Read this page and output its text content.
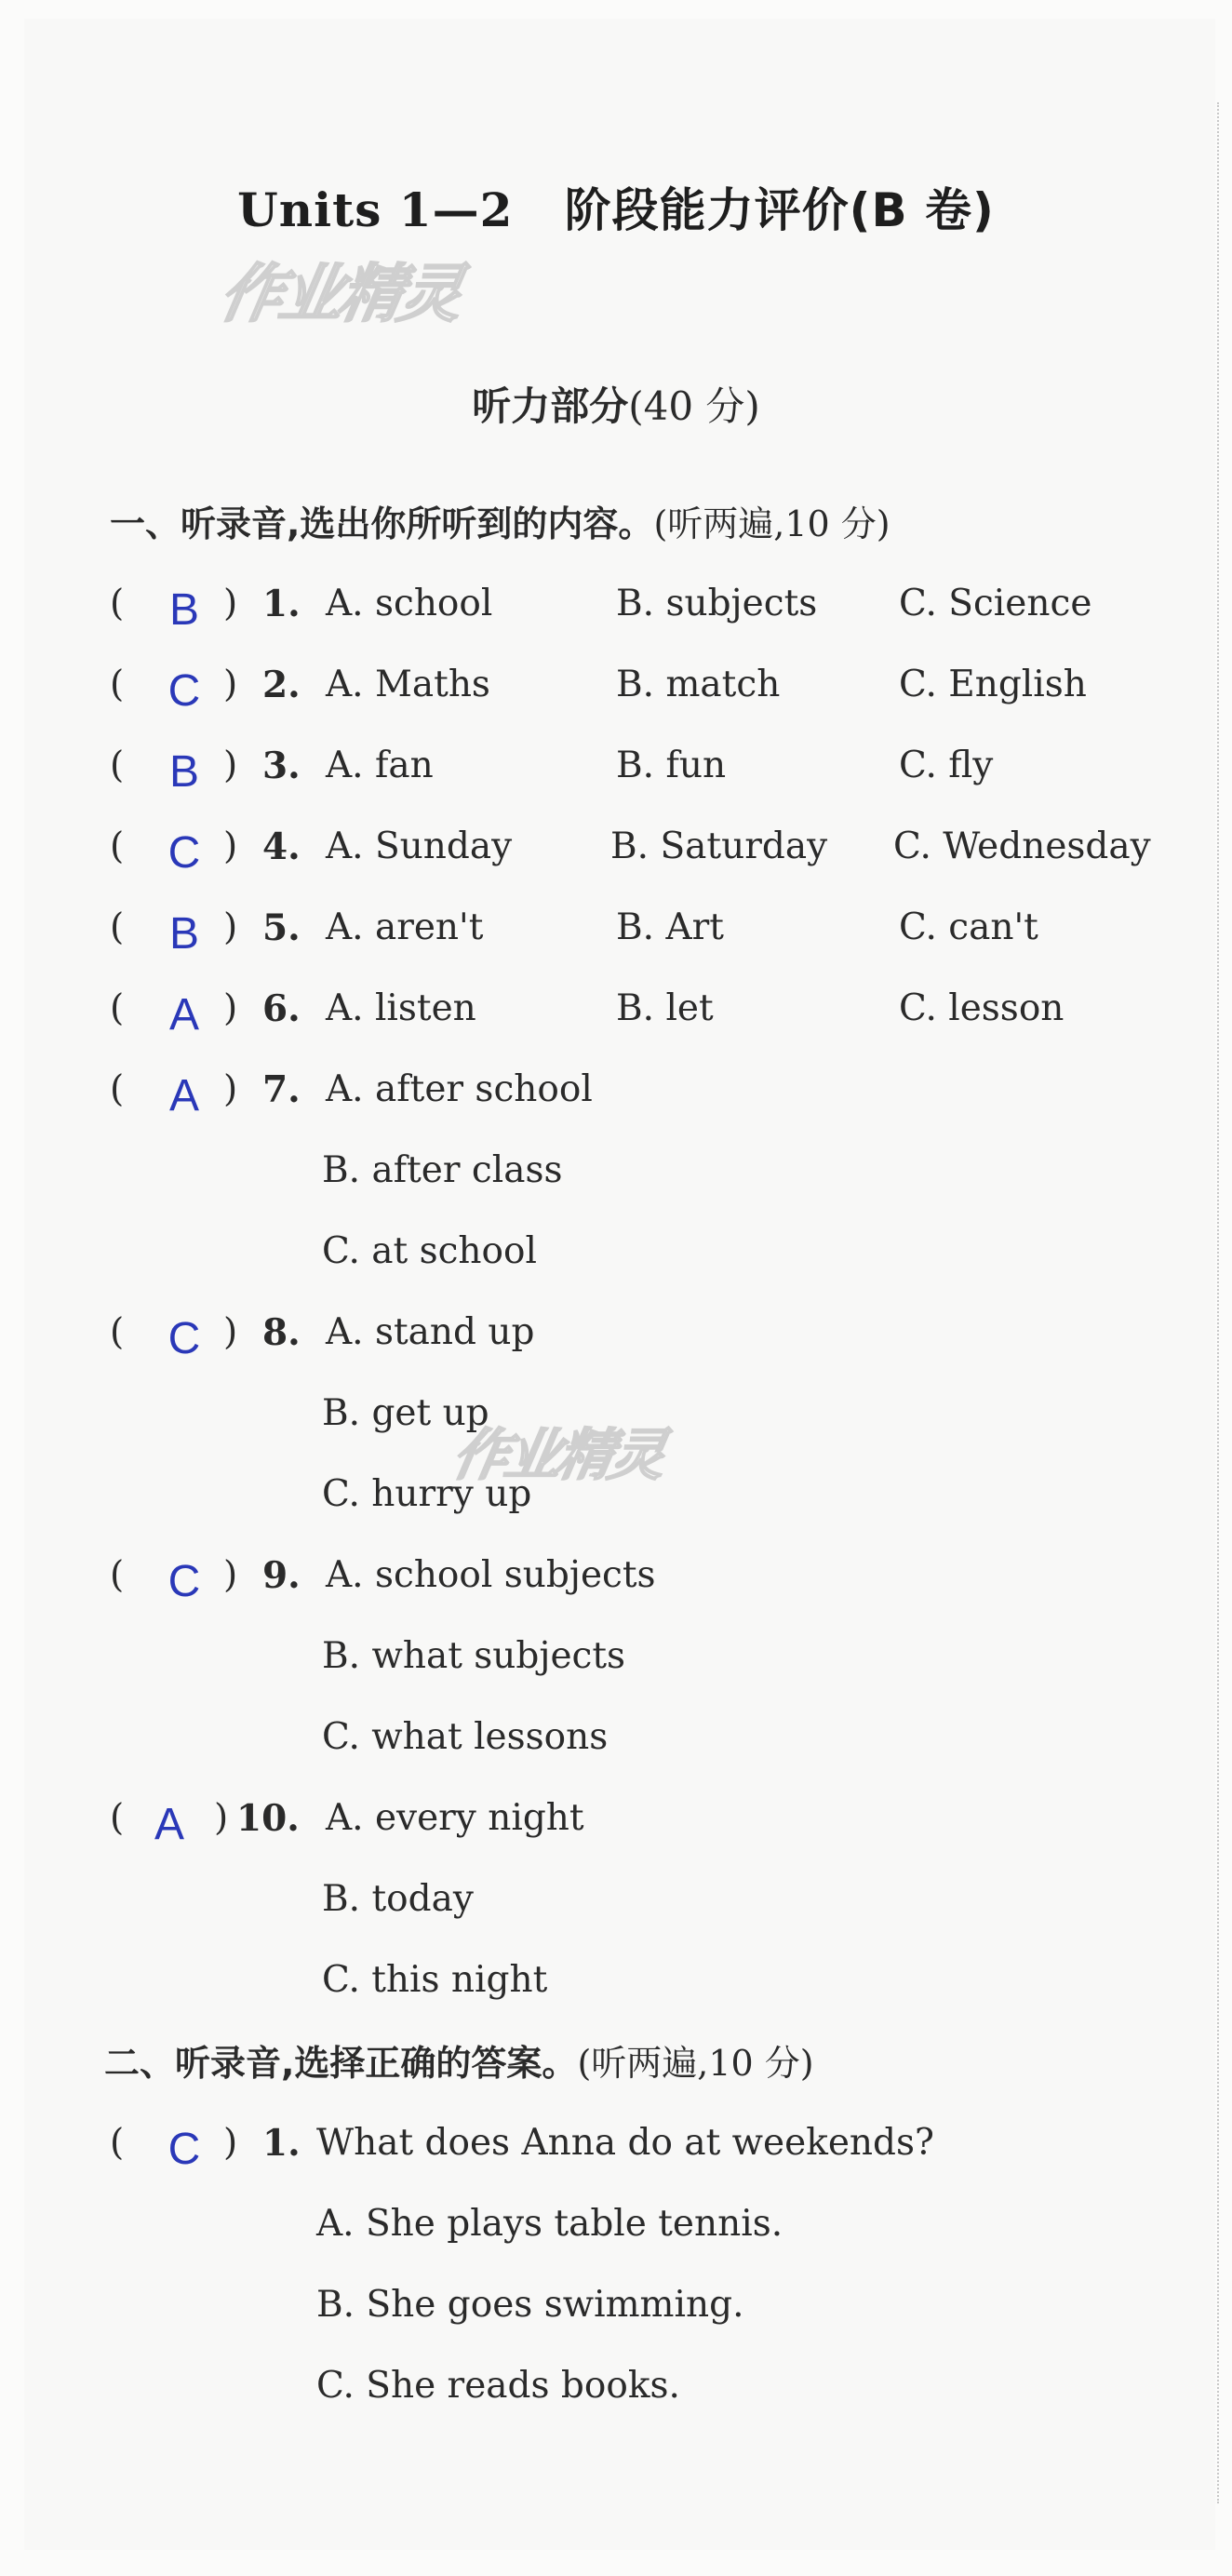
Units 1—2 阶段能力评价(B 卷)
作业精灵
作业精灵
听力部分(40 分)
一、听录音,选出你所听到的内容。(听两遍,10 分)
( B ) 1. A. school	B. subjects C. Science
( C ) 2. A. Maths	B. match	C. English
( B ) 3. A. fan	B. fun	C. fly
( C ) 4. A. Sunday	B. Saturday C. Wednesday
( B ) 5. A. aren't	B. Art	C. can't
( A ) 6. A. listen	B. let	C. lesson
( A ) 7. A. after school
B. after class
C. at school
( C ) 8. A. stand up
B. get up
C. hurry up
( C ) 9. A. school subjects
B. what subjects
C. what lessons
( A ) 10. A. every night
B. today
C. this night
二、听录音,选择正确的答案。(听两遍,10 分)
( C ) 1. What does Anna do at weekends?
A. She plays table tennis.
B. She goes swimming.
C. She reads books.
